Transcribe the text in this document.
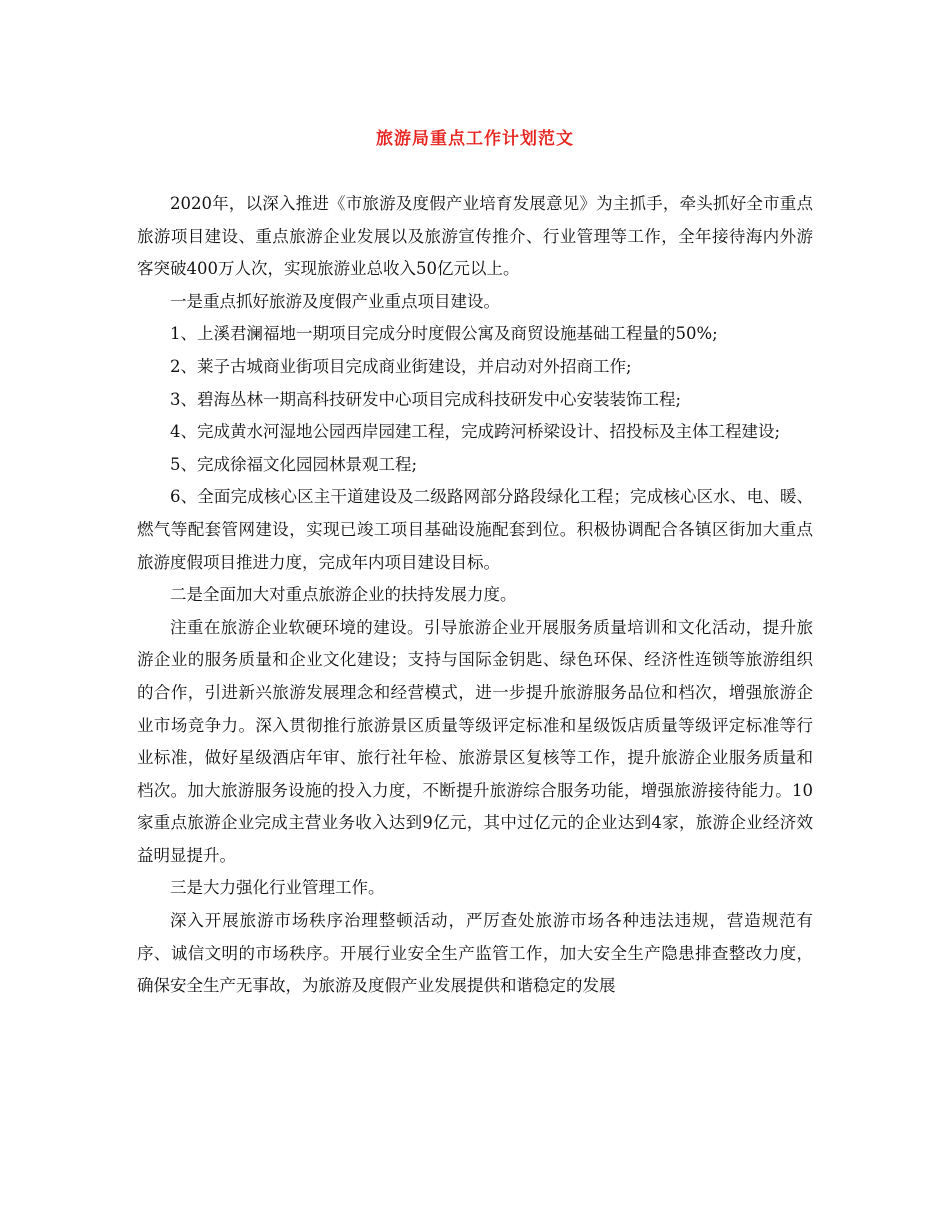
旅游局重点工作计划范文

2020年，以深入推进《市旅游及度假产业培育发展意见》为主抓手，牵头抓好全市重点旅游项目建设、重点旅游企业发展以及旅游宣传推介、行业管理等工作，全年接待海内外游客突破400万人次，实现旅游业总收入50亿元以上。

一是重点抓好旅游及度假产业重点项目建设。

1、上溪君澜福地一期项目完成分时度假公寓及商贸设施基础工程量的50%;

2、莱子古城商业街项目完成商业街建设，并启动对外招商工作;

3、碧海丛林一期高科技研发中心项目完成科技研发中心安装装饰工程;

4、完成黄水河湿地公园西岸园建工程，完成跨河桥梁设计、招投标及主体工程建设;

5、完成徐福文化园园林景观工程;

6、全面完成核心区主干道建设及二级路网部分路段绿化工程；完成核心区水、电、暖、燃气等配套管网建设，实现已竣工项目基础设施配套到位。积极协调配合各镇区街加大重点旅游度假项目推进力度，完成年内项目建设目标。

二是全面加大对重点旅游企业的扶持发展力度。

注重在旅游企业软硬环境的建设。引导旅游企业开展服务质量培训和文化活动，提升旅游企业的服务质量和企业文化建设；支持与国际金钥匙、绿色环保、经济性连锁等旅游组织的合作，引进新兴旅游发展理念和经营模式，进一步提升旅游服务品位和档次，增强旅游企业市场竞争力。深入贯彻推行旅游景区质量等级评定标准和星级饭店质量等级评定标准等行业标准，做好星级酒店年审、旅行社年检、旅游景区复核等工作，提升旅游企业服务质量和档次。加大旅游服务设施的投入力度，不断提升旅游综合服务功能，增强旅游接待能力。10家重点旅游企业完成主营业务收入达到9亿元，其中过亿元的企业达到4家，旅游企业经济效益明显提升。

三是大力强化行业管理工作。

深入开展旅游市场秩序治理整顿活动，严厉查处旅游市场各种违法违规，营造规范有序、诚信文明的市场秩序。开展行业安全生产监管工作，加大安全生产隐患排查整改力度，确保安全生产无事故，为旅游及度假产业发展提供和谐稳定的发展
